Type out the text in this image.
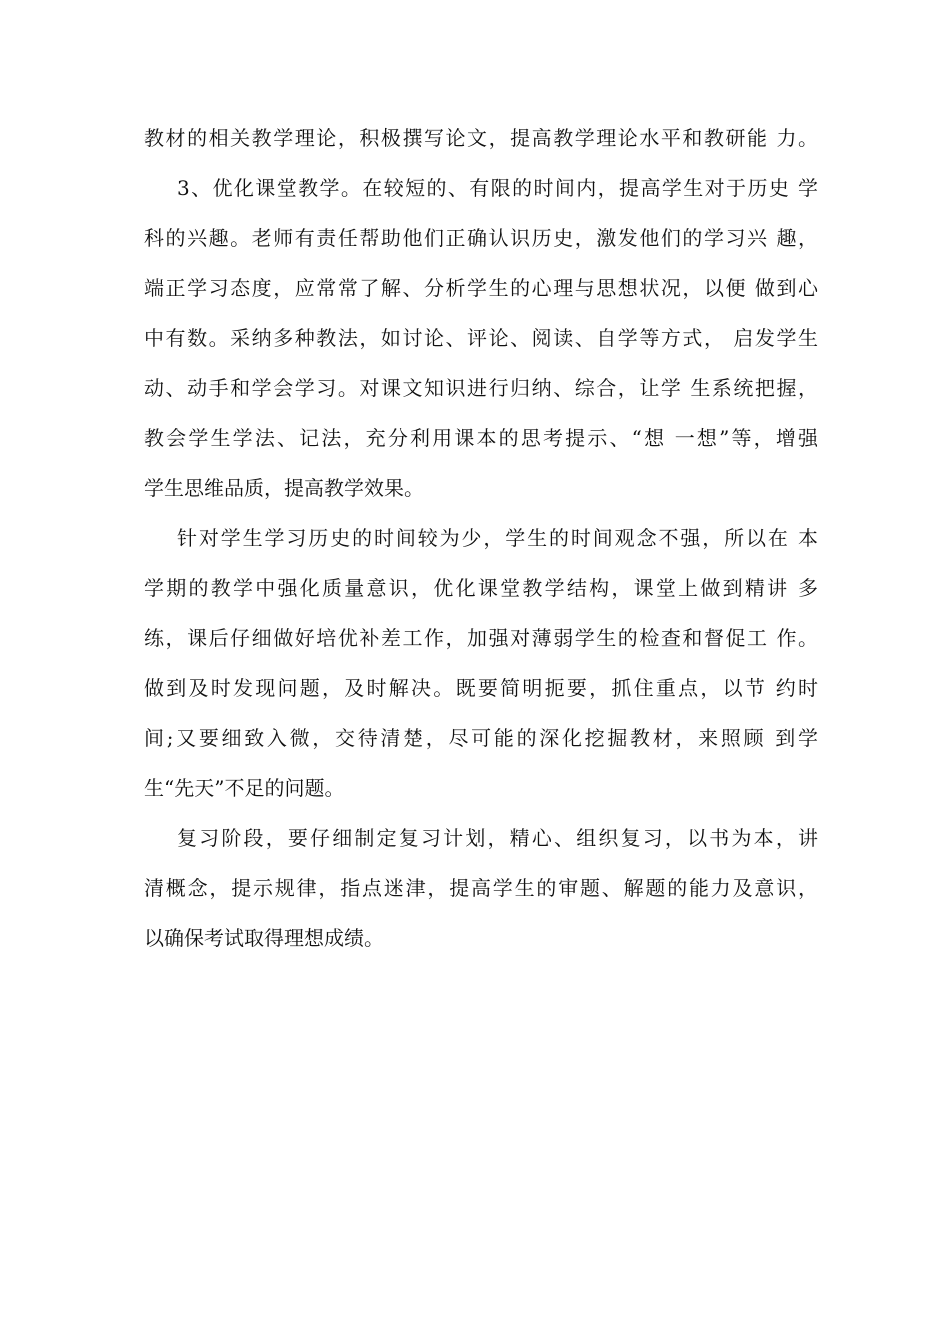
教材的相关教学理论，积极撰写论文，提高教学理论水平和教研能 力。
3、优化课堂教学。在较短的、有限的时间内，提高学生对于历史 学
科的兴趣。老师有责任帮助他们正确认识历史，激发他们的学习兴 趣，
端正学习态度，应常常了解、分析学生的心理与思想状况，以便 做到心
中有数。采纳多种教法，如讨论、评论、阅读、自学等方式， 启发学生
动、动手和学会学习。对课文知识进行归纳、综合，让学 生系统把握，
教会学生学法、记法，充分利用课本的思考提示、“想 一想”等，增强
学生思维品质，提高教学效果。
针对学生学习历史的时间较为少，学生的时间观念不强，所以在 本
学期的教学中强化质量意识，优化课堂教学结构，课堂上做到精讲 多
练，课后仔细做好培优补差工作，加强对薄弱学生的检查和督促工 作。
做到及时发现问题，及时解决。既要简明扼要，抓住重点，以节 约时
间;又要细致入微，交待清楚，尽可能的深化挖掘教材，来照顾 到学
生“先天”不足的问题。
复习阶段，要仔细制定复习计划，精心、组织复习，以书为本，讲
清概念，提示规律，指点迷津，提高学生的审题、解题的能力及意识，
以确保考试取得理想成绩。
